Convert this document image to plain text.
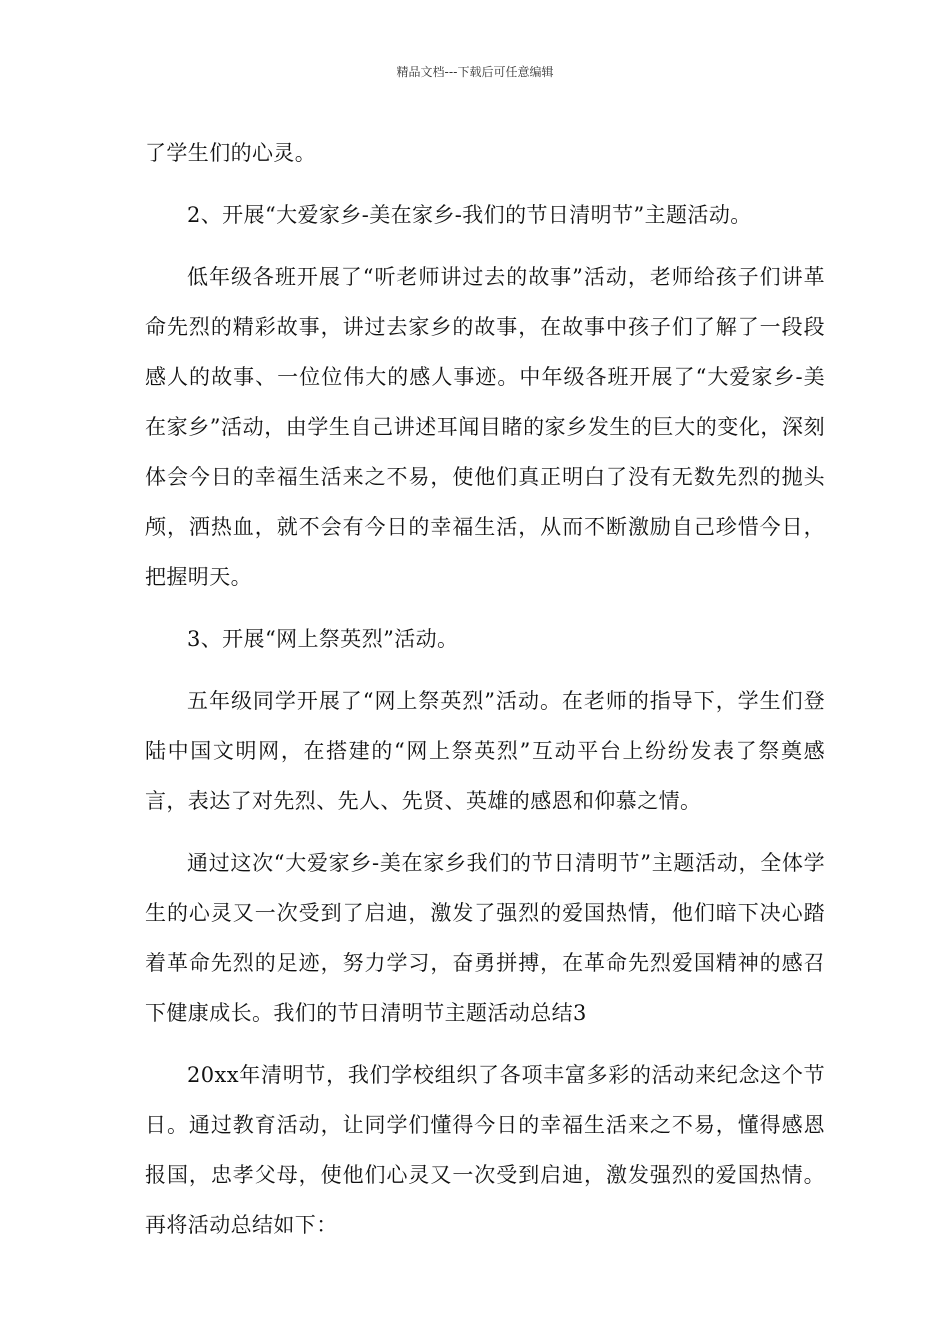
精品文档---下载后可任意编辑

了学生们的心灵。

2、开展“大爱家乡-美在家乡-我们的节日清明节”主题活动。

低年级各班开展了“听老师讲过去的故事”活动，老师给孩子们讲革命先烈的精彩故事，讲过去家乡的故事，在故事中孩子们了解了一段段感人的故事、一位位伟大的感人事迹。中年级各班开展了“大爱家乡-美在家乡”活动，由学生自己讲述耳闻目睹的家乡发生的巨大的变化，深刻体会今日的幸福生活来之不易，使他们真正明白了没有无数先烈的抛头颅，洒热血，就不会有今日的幸福生活，从而不断激励自己珍惜今日，把握明天。

3、开展“网上祭英烈”活动。

五年级同学开展了“网上祭英烈”活动。在老师的指导下，学生们登陆中国文明网，在搭建的“网上祭英烈”互动平台上纷纷发表了祭奠感言，表达了对先烈、先人、先贤、英雄的感恩和仰慕之情。

通过这次“大爱家乡-美在家乡我们的节日清明节”主题活动，全体学生的心灵又一次受到了启迪，激发了强烈的爱国热情，他们暗下决心踏着革命先烈的足迹，努力学习，奋勇拼搏，在革命先烈爱国精神的感召下健康成长。我们的节日清明节主题活动总结3

20xx年清明节，我们学校组织了各项丰富多彩的活动来纪念这个节日。通过教育活动，让同学们懂得今日的幸福生活来之不易，懂得感恩报国，忠孝父母，使他们心灵又一次受到启迪，激发强烈的爱国热情。再将活动总结如下：
